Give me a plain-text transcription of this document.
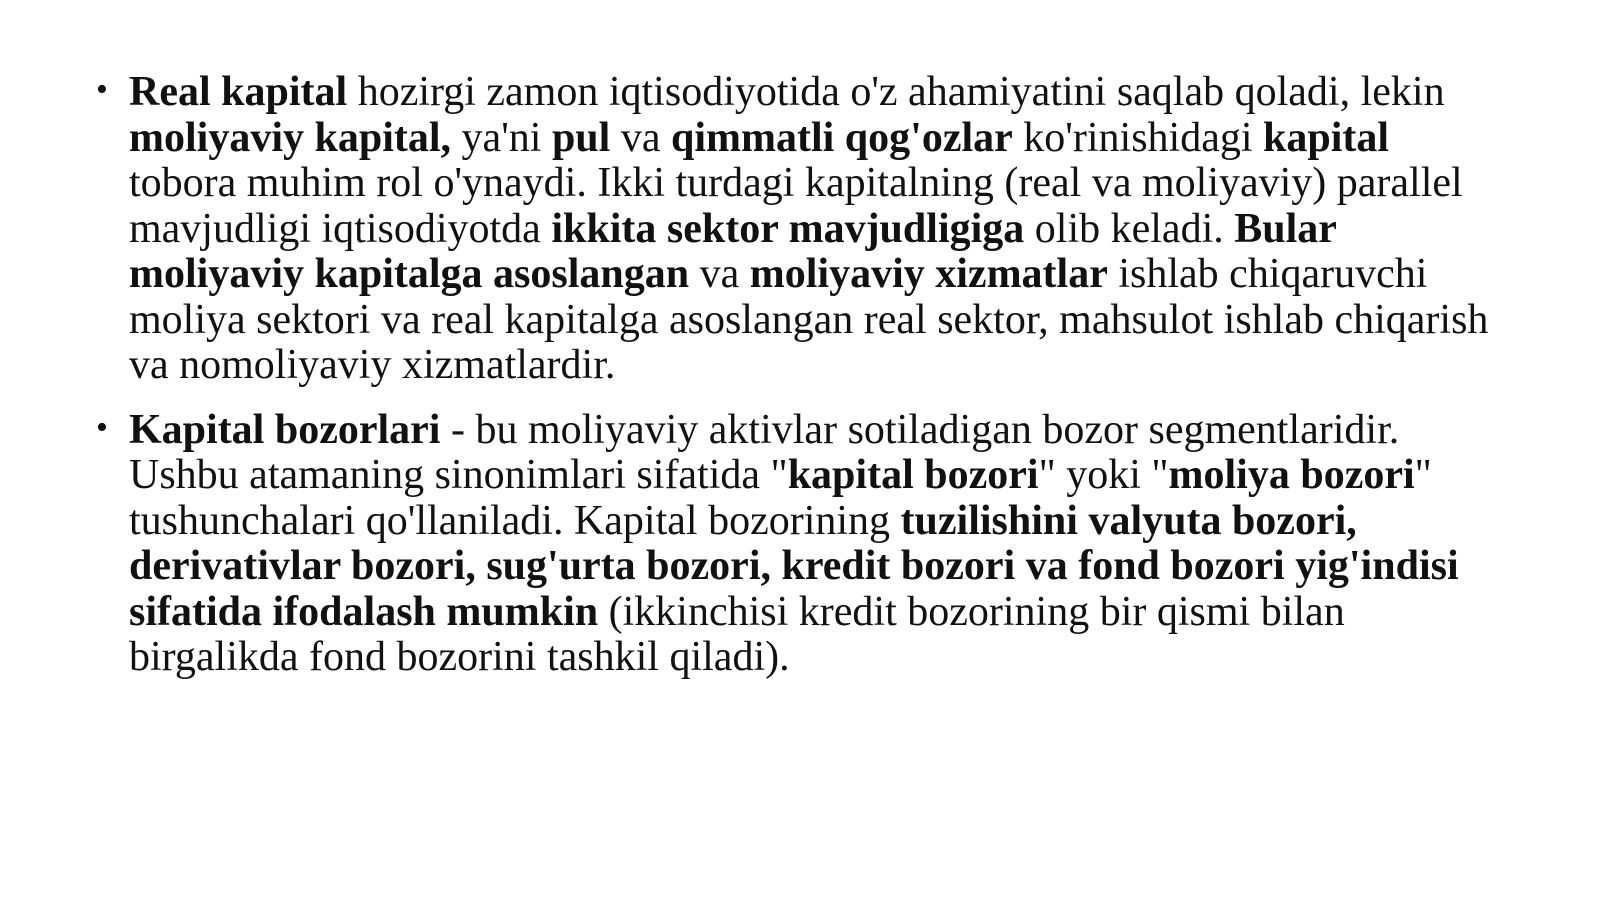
• Real kapital hozirgi zamon iqtisodiyotida o'z ahamiyatini saqlab qoladi, lekin moliyaviy kapital, ya'ni pul va qimmatli qog'ozlar ko'rinishidagi kapital tobora muhim rol o'ynaydi. Ikki turdagi kapitalning (real va moliyaviy) parallel mavjudligi iqtisodiyotda ikkita sektor mavjudligiga olib keladi. Bular moliyaviy kapitalga asoslangan va moliyaviy xizmatlar ishlab chiqaruvchi moliya sektori va real kapitalga asoslangan real sektor, mahsulot ishlab chiqarish va nomoliyaviy xizmatlardir.
• Kapital bozorlari - bu moliyaviy aktivlar sotiladigan bozor segmentlaridir. Ushbu atamaning sinonimlari sifatida "kapital bozori" yoki "moliya bozori" tushunchalari qo'llaniladi. Kapital bozorining tuzilishini valyuta bozori, derivativlar bozori, sug'urta bozori, kredit bozori va fond bozori yig'indisi sifatida ifodalash mumkin (ikkinchisi kredit bozorining bir qismi bilan birgalikda fond bozorini tashkil qiladi).
